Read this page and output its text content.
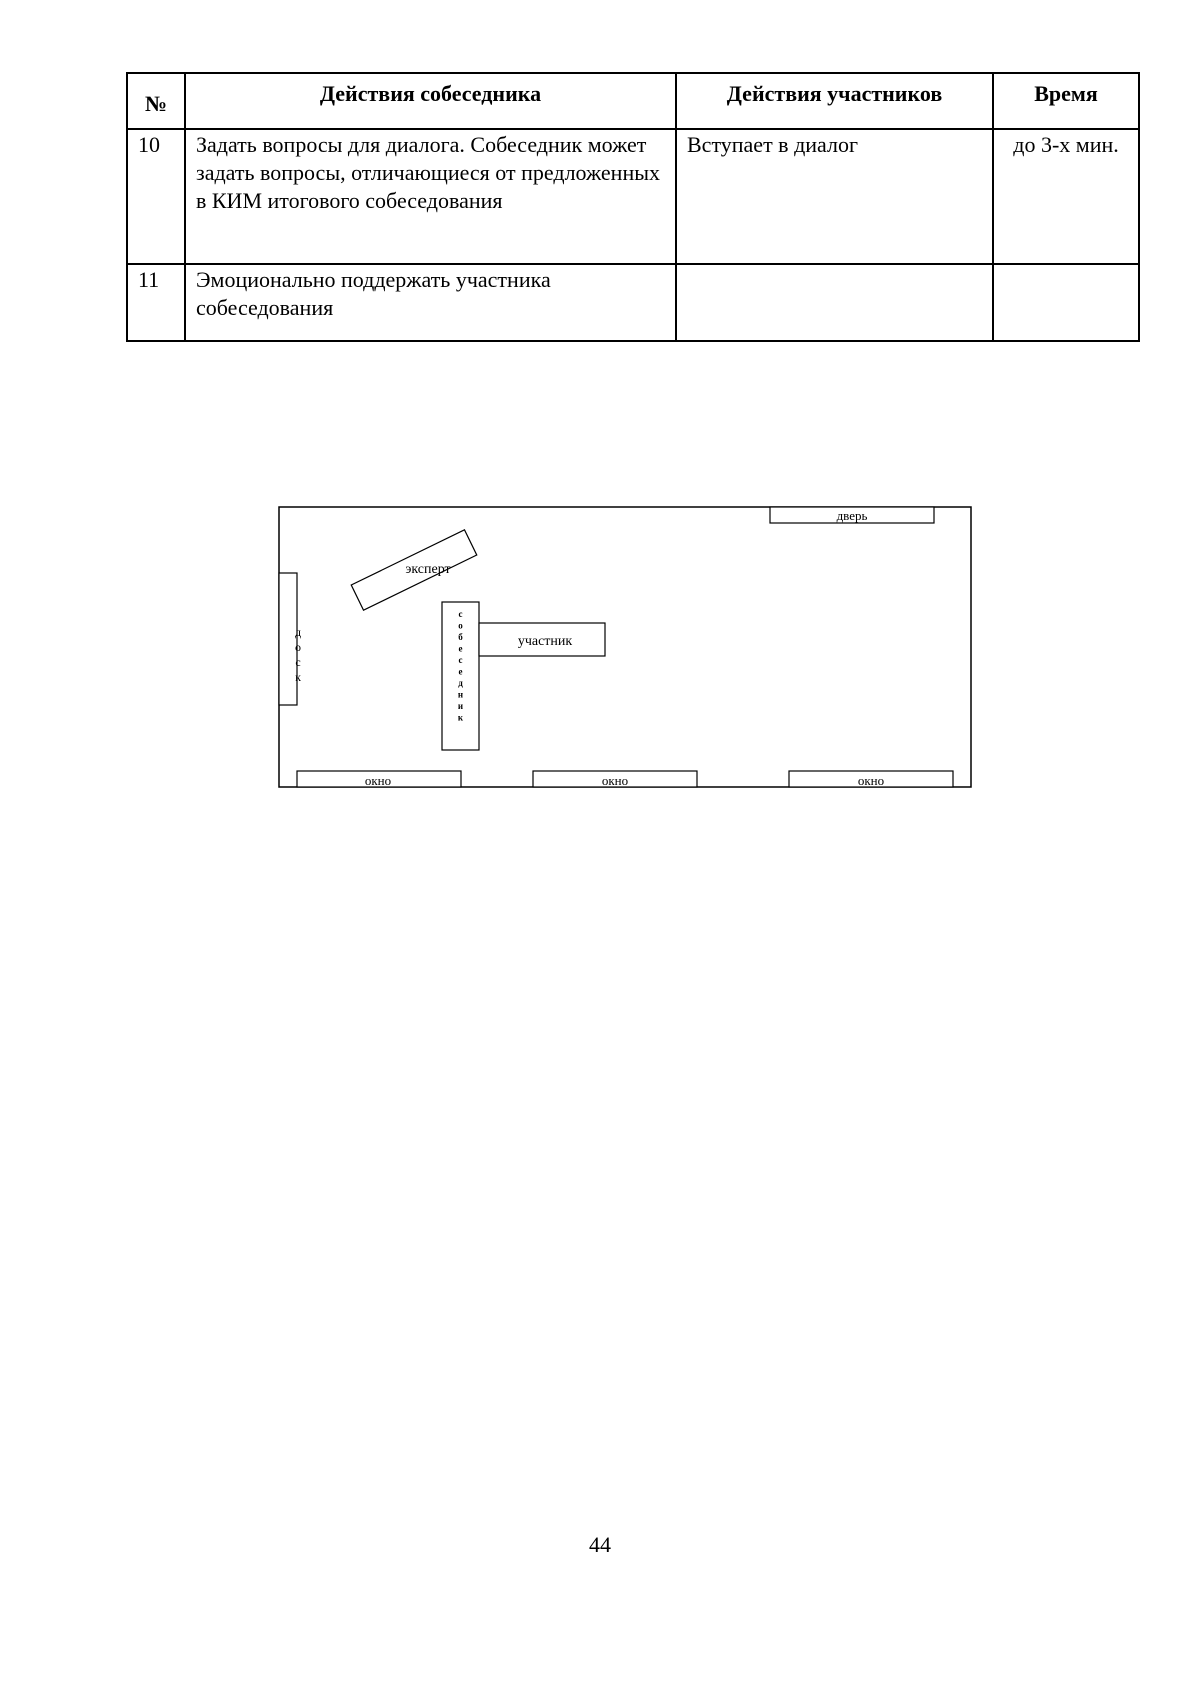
№	Действия собеседника	Действия участников	Время
10	Задать вопросы для диалога. Собеседник может задать вопросы, отличающиеся от предложенных в КИМ итогового собеседования	Вступает в диалог	до 3-х мин.
11	Эмоционально поддержать участника собеседования		
дверь
д о с к
эксперт
с о б е с е д н и к
участник
окно	окно	окно
44
